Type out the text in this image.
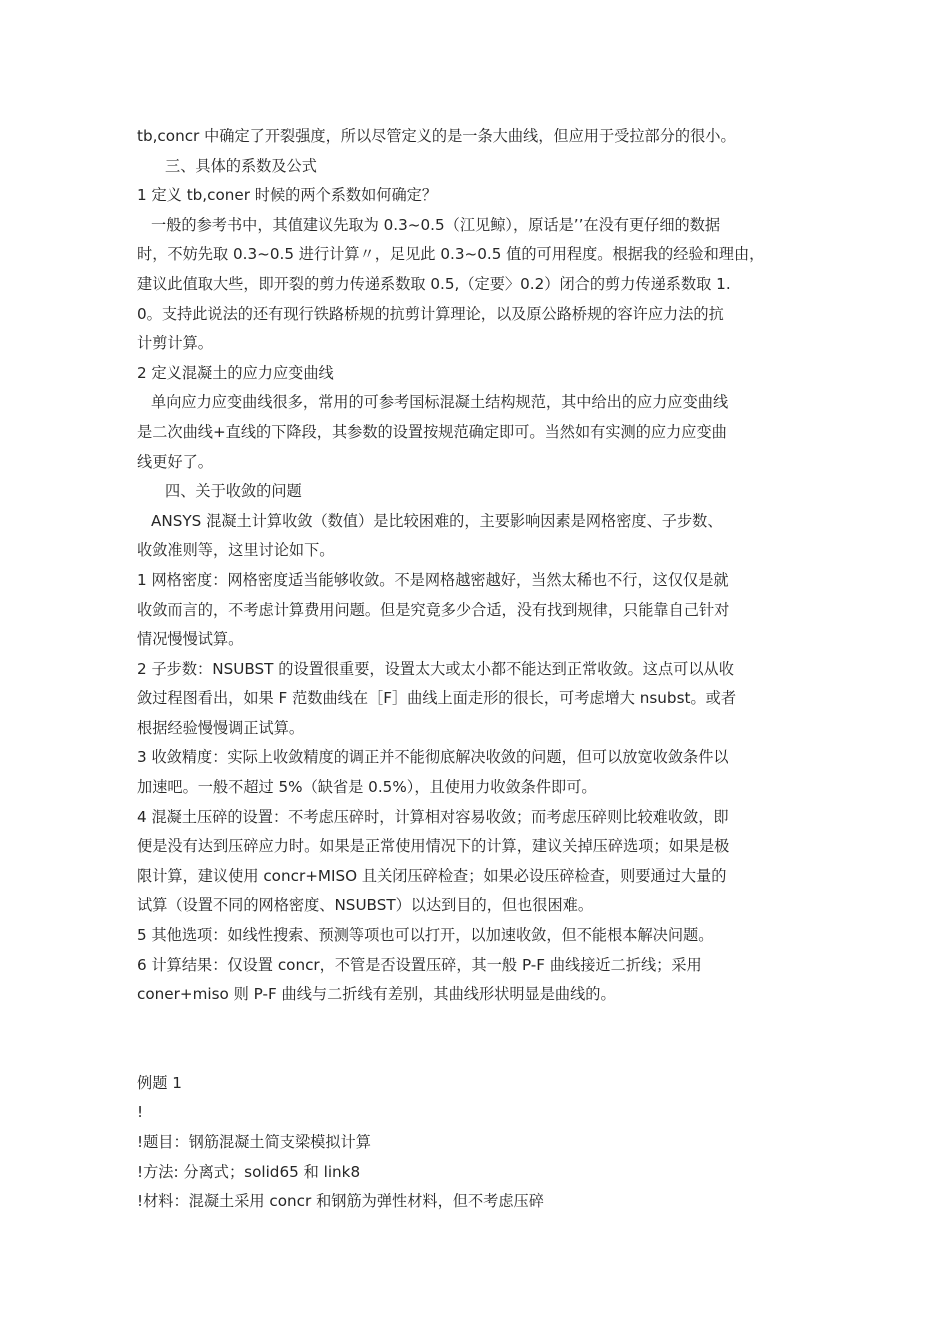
tb,concr 中确定了开裂强度，所以尽管定义的是一条大曲线，但应用于受拉部分的很小。
三、具体的系数及公式
1 定义 tb,coner 时候的两个系数如何确定？
一般的参考书中，其值建议先取为 0.3~0.5（江见鲸），原话是’’在没有更仔细的数据
时，不妨先取 0.3~0.5 进行计算〃，足见此 0.3~0.5 值的可用程度。根据我的经验和理由，
建议此值取大些，即开裂的剪力传递系数取 0.5,（定要〉0.2）闭合的剪力传递系数取 1.
0。支持此说法的还有现行铁路桥规的抗剪计算理论，以及原公路桥规的容许应力法的抗
计剪计算。
2 定义混凝土的应力应变曲线
单向应力应变曲线很多，常用的可参考国标混凝土结构规范，其中给出的应力应变曲线
是二次曲线+直线的下降段，其参数的设置按规范确定即可。当然如有实测的应力应变曲
线更好了。
四、关于收敛的问题
ANSYS 混凝土计算收敛（数值）是比较困难的，主要影响因素是网格密度、子步数、
收敛准则等，这里讨论如下。
1 网格密度：网格密度适当能够收敛。不是网格越密越好，当然太稀也不行，这仅仅是就
收敛而言的，不考虑计算费用问题。但是究竟多少合适，没有找到规律，只能靠自己针对
情况慢慢试算。
2 子步数：NSUBST 的设置很重要，设置太大或太小都不能达到正常收敛。这点可以从收
敛过程图看出，如果 F 范数曲线在［F］曲线上面走形的很长，可考虑增大 nsubst。或者
根据经验慢慢调正试算。
3 收敛精度：实际上收敛精度的调正并不能彻底解决收敛的问题，但可以放宽收敛条件以
加速吧。一般不超过 5%（缺省是 0.5%），且使用力收敛条件即可。
4 混凝土压碎的设置：不考虑压碎时，计算相对容易收敛；而考虑压碎则比较难收敛，即
便是没有达到压碎应力时。如果是正常使用情况下的计算，建议关掉压碎选项；如果是极
限计算，建议使用 concr+MISO 且关闭压碎检查；如果必设压碎检查，则要通过大量的
试算（设置不同的网格密度、NSUBST）以达到目的，但也很困难。
5 其他选项：如线性搜索、预测等项也可以打开，以加速收敛，但不能根本解决问题。
6 计算结果：仅设置 concr，不管是否设置压碎，其一般 P-F 曲线接近二折线；采用
coner+miso 则 P-F 曲线与二折线有差别，其曲线形状明显是曲线的。
例题 1
!
!题目：钢筋混凝土简支梁模拟计算
!方法: 分离式；solid65 和 link8
!材料：混凝土采用 concr 和钢筋为弹性材料，但不考虑压碎
